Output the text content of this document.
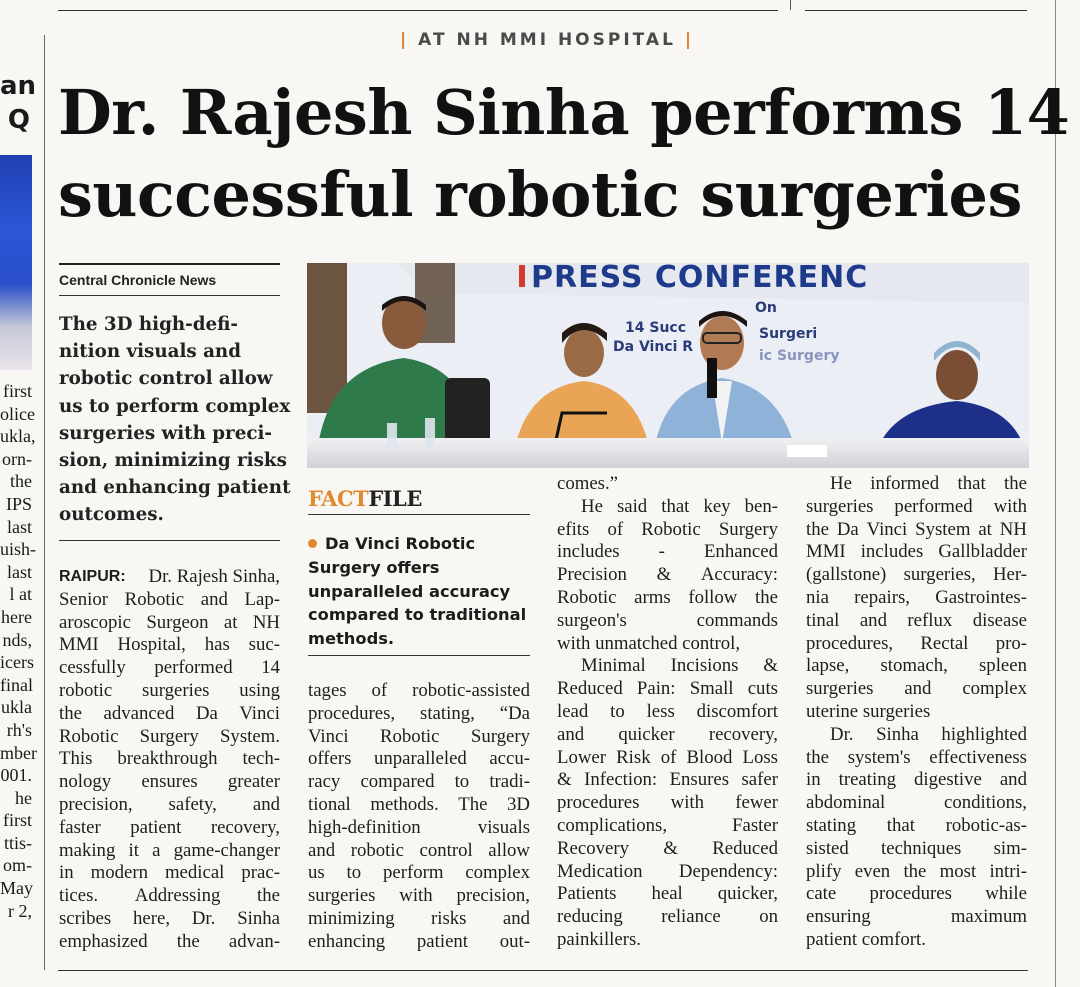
an
Q
first
olice
ukla,
orn-
the
IPS
last
uish-
last
l at
here
nds,
icers
final
ukla
rh's
mber
001.
he
first
ttis-
om-
May
r 2,
| AT NH MMI HOSPITAL |
Dr. Rajesh Sinha performs 14
successful robotic surgeries
Central Chronicle News
The 3D high-defi-
nition visuals and
robotic control allow
us to perform complex
surgeries with preci-
sion, minimizing risks
and enhancing patient
outcomes.
PRESS CONFERENC
On
14 Succ	Surgeri
Da Vinci R
ic Surgery
FACTFILE
Da Vinci Robotic
Surgery offers
unparalleled accuracy
compared to traditional
methods.
RAIPUR: Dr. Rajesh Sinha,
Senior Robotic and Lap-
aroscopic Surgeon at NH
MMI Hospital, has suc-
cessfully performed 14
robotic surgeries using
the advanced Da Vinci
Robotic Surgery System.
This breakthrough tech-
nology ensures greater
precision, safety, and
faster patient recovery,
making it a game-changer
in modern medical prac-
tices. Addressing the
scribes here, Dr. Sinha
emphasized the advan-
tages of robotic-assisted
procedures, stating, “Da
Vinci Robotic Surgery
offers unparalleled accu-
racy compared to tradi-
tional methods. The 3D
high-definition	visuals
and robotic control allow
us to perform complex
surgeries with precision,
minimizing risks and
enhancing patient out-
comes.”
He said that key ben-
efits of Robotic Surgery
includes - Enhanced
Precision & Accuracy:
Robotic arms follow the
surgeon's	commands
with unmatched control,
Minimal Incisions &
Reduced Pain: Small cuts
lead to less discomfort
and quicker recovery,
Lower Risk of Blood Loss
& Infection: Ensures safer
procedures with fewer
complications,	Faster
Recovery & Reduced
Medication Dependency:
Patients heal quicker,
reducing reliance on
painkillers.
He informed that the
surgeries performed with
the Da Vinci System at NH
MMI includes Gallbladder
(gallstone) surgeries, Her-
nia repairs, Gastrointes-
tinal and reflux disease
procedures, Rectal pro-
lapse, stomach, spleen
surgeries and complex
uterine surgeries
Dr. Sinha highlighted
the system's effectiveness
in treating digestive and
abdominal	conditions,
stating that robotic-as-
sisted techniques sim-
plify even the most intri-
cate procedures while
ensuring	maximum
patient comfort.
